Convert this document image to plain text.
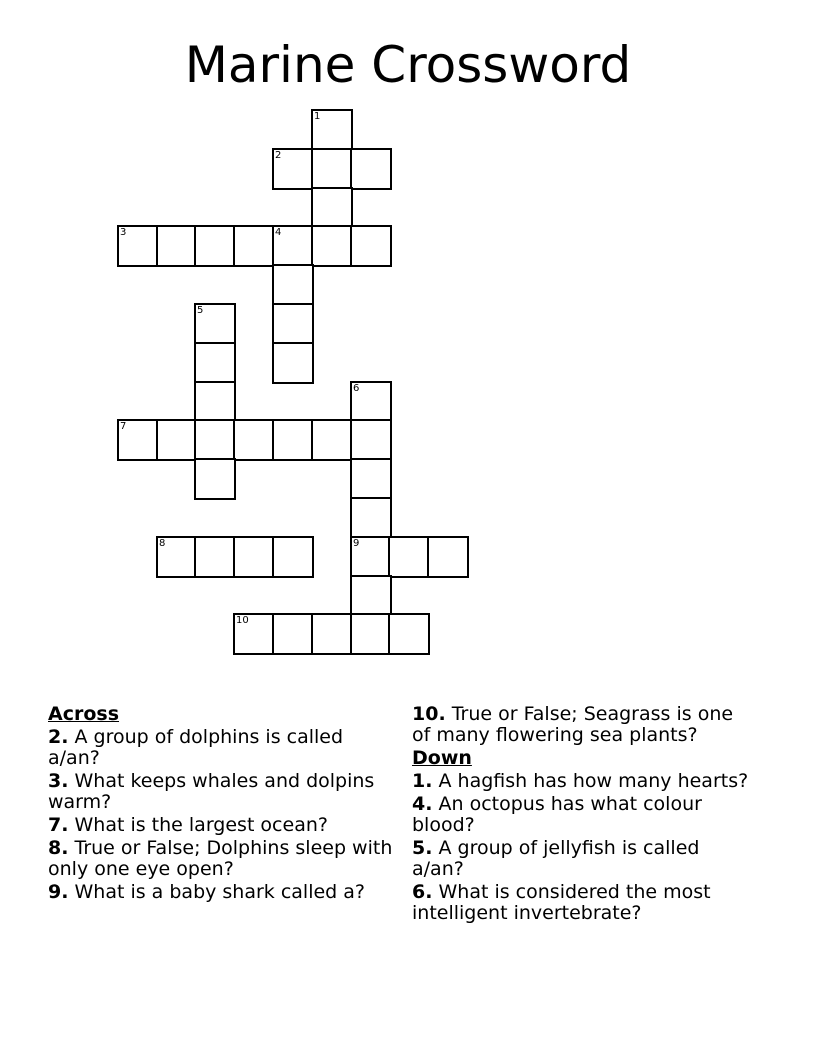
Marine Crossword
1
2
3	4
5
6
7
8	9
10
Across
2. A group of dolphins is called a/an?
3. What keeps whales and dolpins warm?
7. What is the largest ocean?
8. True or False; Dolphins sleep with only one eye open?
9. What is a baby shark called a?
10. True or False; Seagrass is one of many flowering sea plants?
Down
1. A hagfish has how many hearts?
4. An octopus has what colour blood?
5. A group of jellyfish is called a/an?
6. What is considered the most intelligent invertebrate?
